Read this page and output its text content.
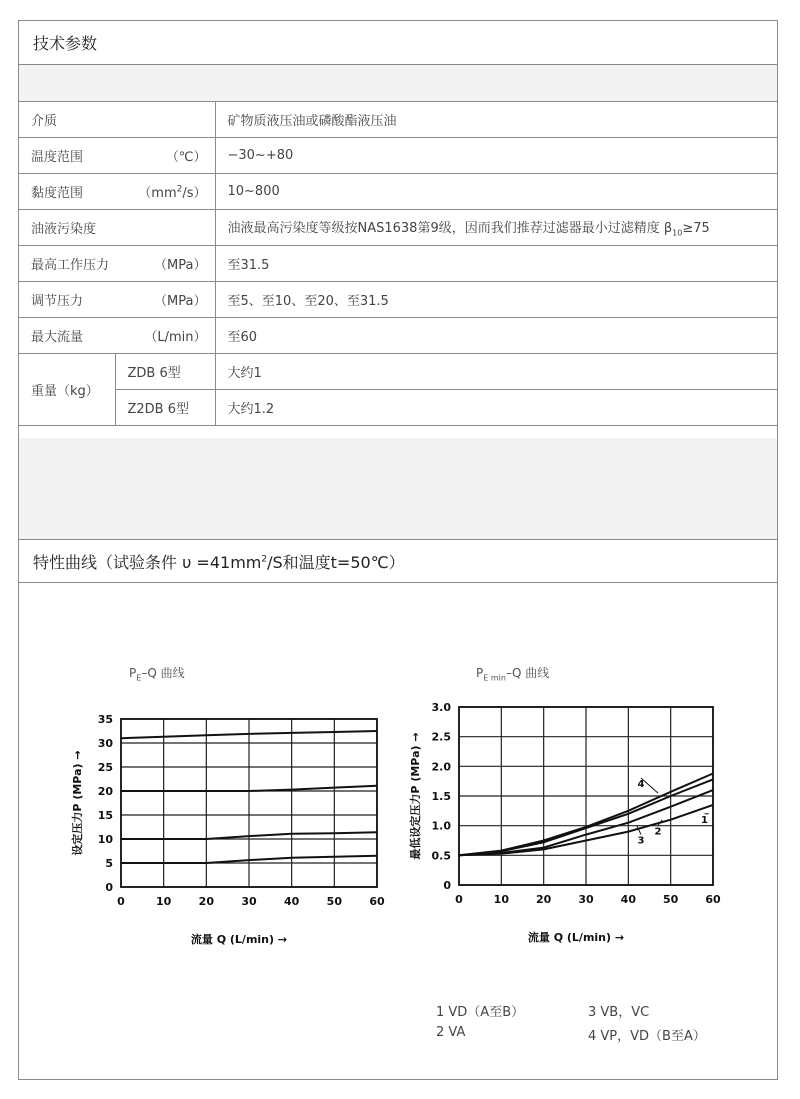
技术参数
介质		矿物质液压油或磷酸酯液压油

温度范围 （℃）		−30~+80

黏度范围 $(mm^2/s)$		10~800
油液污染度		油液最高污染度等级按NAS1638第9级，因而我们推荐过滤器最小过滤精度 $\beta_{10}\ge 75$

最高工作压力 （MPa）		至31.5

调节压力 （MPa）		至5、至10、至20、至31.5

最大流量 （L/min）		至60
重量（kg）	ZDB 6型	大约1
	Z2DB 6型	大约1.2
特性曲线（试验条件 $\upsilon =41mm^2/S$和温度t=50℃）
$P_E-Q$ 曲线	$P_{E min}-Q$ 曲线
0	10 20 30 40 50 60
0
5
10
15
20
25
30
35
流量 Q (L/min) →
设定压力P (MPa) →
0	10 20 30 40 50 60
0
0.5
1.0
1.5
2.0
2.5
3.0
流量 Q (L/min) →
最低设定压力P (MPa) →	1
2
3
4
1 VD（A至B）	3 VB，VC
2 VA	4 VP，VD（B至A）
